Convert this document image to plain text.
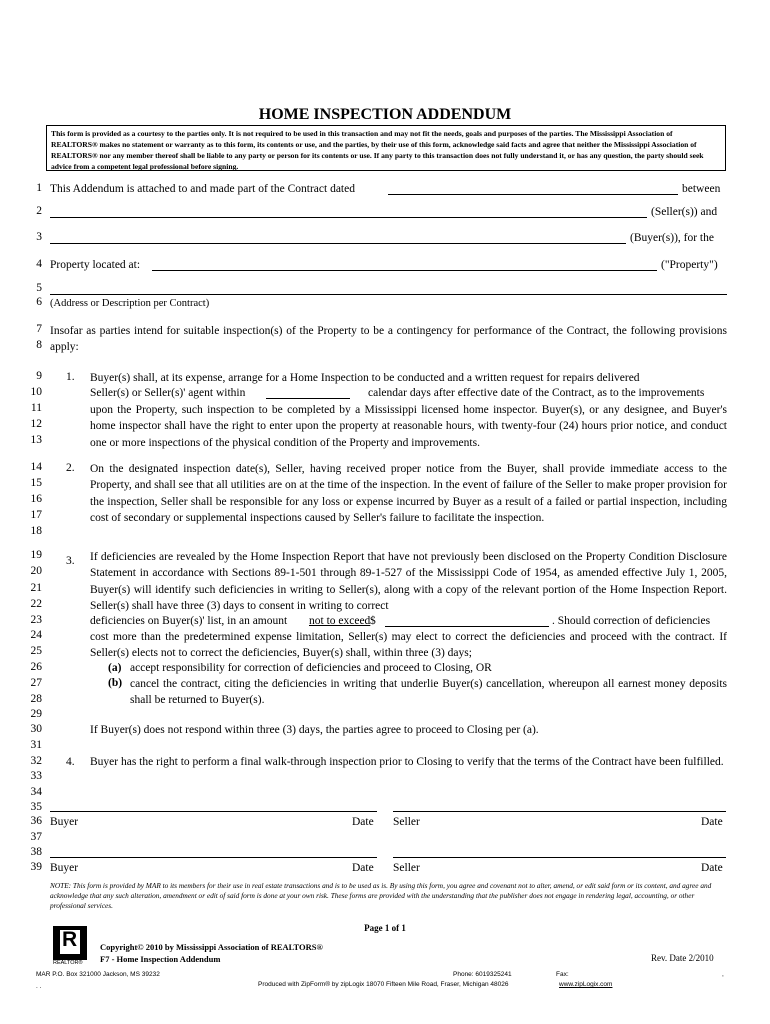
HOME INSPECTION ADDENDUM
This form is provided as a courtesy to the parties only. It is not required to be used in this transaction and may not fit the needs, goals and purposes of the parties. The Mississippi Association of REALTORS® makes no statement or warranty as to this form, its contents or use, and the parties, by their use of this form, acknowledge said facts and agree that neither the Mississippi Association of REALTORS® nor any member thereof shall be liable to any party or person for its contents or use. If any party to this transaction does not fully understand it, or has any question, the party should seek advice from a competent legal professional before signing.
1
2
3
4
5
6
7
8
9
10
11
12
13
14
15
16
17
18
19
20
21
22
23
24
25
26
27
28
29
30
31
32
33
34
35
36
37
38
39
This Addendum is attached to and made part of the Contract dated	between
(Seller(s)) and
(Buyer(s)), for the
Property located at:	("Property")
(Address or Description per Contract)
Insofar as parties intend for suitable inspection(s) of the Property to be a contingency for performance of the Contract, the following provisions apply:
1. Buyer(s) shall, at its expense, arrange for a Home Inspection to be conducted and a written request for repairs delivered
Seller(s) or Seller(s)' agent within	calendar days after effective date of the Contract, as to the improvements
upon the Property, such inspection to be completed by a Mississippi licensed home inspector. Buyer(s), or any designee, and Buyer's home inspector shall have the right to enter upon the property at reasonable hours, with twenty-four (24) hours prior notice, and conduct one or more inspections of the physical condition of the Property and improvements.
2. On the designated inspection date(s), Seller, having received proper notice from the Buyer, shall provide immediate access to the Property, and shall see that all utilities are on at the time of the inspection. In the event of failure of the Seller to make proper provision for the inspection, Seller shall be responsible for any loss or expense incurred by Buyer as a result of a failed or partial inspection, including cost of secondary or supplemental inspections caused by Seller's failure to facilitate the inspection.
3. If deficiencies are revealed by the Home Inspection Report that have not previously been disclosed on the Property Condition Disclosure Statement in accordance with Sections 89-1-501 through 89-1-527 of the Mississippi Code of 1954, as amended effective July 1, 2005, Buyer(s) will identify such deficiencies in writing to Seller(s), along with a copy of the relevant portion of the Home Inspection Report. Seller(s) shall have three (3) days to consent in writing to correct
deficiencies on Buyer(s)' list, in an amount not to exceed $	. Should correction of deficiencies
cost more than the predetermined expense limitation, Seller(s) may elect to correct the deficiencies and proceed with the contract. If Seller(s) elects not to correct the deficiencies, Buyer(s) shall, within three (3) days;
(a) accept responsibility for correction of deficiencies and proceed to Closing, OR
(b) cancel the contract, citing the deficiencies in writing that underlie Buyer(s) cancellation, whereupon all earnest money deposits shall be returned to Buyer(s).
If Buyer(s) does not respond within three (3) days, the parties agree to proceed to Closing per (a).
4. Buyer has the right to perform a final walk-through inspection prior to Closing to verify that the terms of the Contract have been fulfilled.
Buyer	Date Seller	Date
Buyer	Date Seller	Date
NOTE: This form is provided by MAR to its members for their use in real estate transactions and is to be used as is. By using this form, you agree and covenant not to alter, amend, or edit said form or its content, and agree and acknowledge that any such alteration, amendment or edit of said form is done at your own risk. These forms are provided with the understanding that the publisher does not engage in rendering legal, accounting, or other professional services.
Page 1 of 1
R
REALTOR®
Copyright© 2010 by Mississippi Association of REALTORS®
F7 - Home Inspection Addendum	Rev. Date 2/2010
MAR P.O. Box 321000 Jackson, MS 39232	Phone: 6019325241	Fax:	,
. .	Produced with ZipForm® by zipLogix 18070 Fifteen Mile Road, Fraser, Michigan 48026	www.zipLogix.com
